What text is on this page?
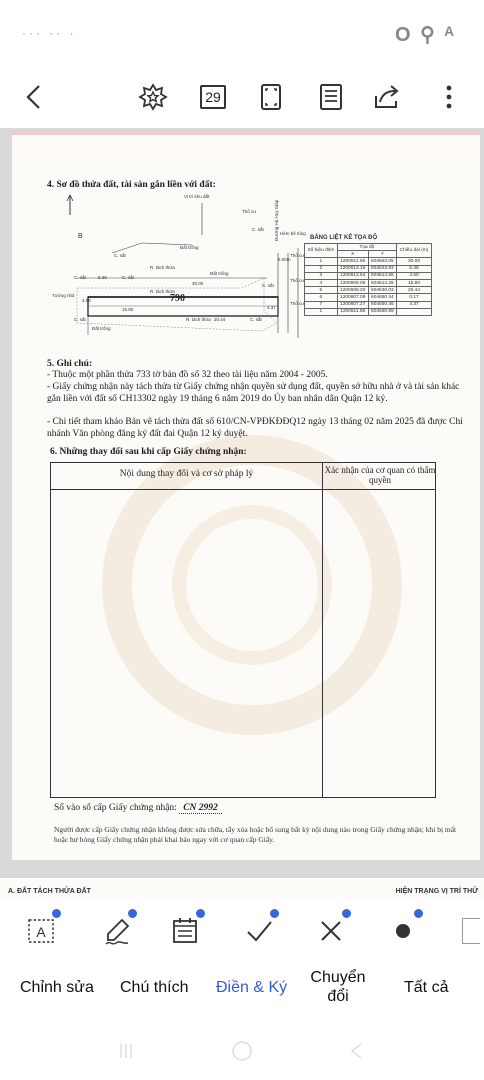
··· ·· ·	O ⚲ ᴬ
29
4. Sơ đồ thửa đất, tài sản gắn liền với đất:
Vị trí khu đất
Thổ cư
B
C. sắt
Đất trống
C. sắt
R. tách thửa
Đất trống
Hẻm bê tông
Đường Hà Huy Giáp
C. sắt	C. sắt
5.38
30.00
R. tách thửa
C. sắt
Tường nhà
15.80
C. sắt	R. tách thửa 20.44	C. sắt
Đất trống
6.00m
Thổ cư
Thổ cư
Thổ cư
4.50
4.37
790
BẢNG LIỆT KÊ TỌA ĐỘ
Số hiệu đỉnh	Tọa độ		Chiều dài (m)
	X	Y	
1	1200611.58	604653.05	30.00
2	1200613.19	604623.93	5.38
3	1200613.54	604614.55	4.50
4	1200609.05	604614.25	15.80
5	1200608.20	604630.03	20.44
6	1200607.09	604650.44	0.17
7	1200607.27	604650.46	4.37
1	1200611.58	604650.89	
5. Ghi chú:
- Thuộc một phần thửa 733 tờ bản đồ số 32 theo tài liệu năm 2004 - 2005.
- Giấy chứng nhận này tách thửa từ Giấy chứng nhận quyền sử dụng đất, quyền sở hữu nhà ở và tài sản khác gắn liền với đất số CH13302 ngày 19 tháng 6 năm 2019 do Ủy ban nhân dân Quận 12 ký.
- Chi tiết tham khảo Bản vẽ tách thửa đất số 610/CN-VPĐKĐĐQ12 ngày 13 tháng 02 năm 2025 đã được Chi nhánh Văn phòng đăng ký đất đai Quận 12 ký duyệt.
6. Những thay đổi sau khi cấp Giấy chứng nhận:
Nội dung thay đổi và cơ sở pháp lý	Xác nhận của cơ quan có thẩm quyền
Số vào sổ cấp Giấy chứng nhận: CN 2992
Người được cấp Giấy chứng nhận không được sửa chữa, tẩy xóa hoặc bổ sung bất kỳ nội dung nào trong Giấy chứng nhận; khi bị mất hoặc hư hỏng Giấy chứng nhận phải khai báo ngay với cơ quan cấp Giấy.
A. ĐẤT TÁCH THỬA ĐẤT	HIỆN TRẠNG VỊ TRÍ THỬ
A
Chỉnh sửa Chú thích Điền & Ký
Chuyển đổi
Tất cả
